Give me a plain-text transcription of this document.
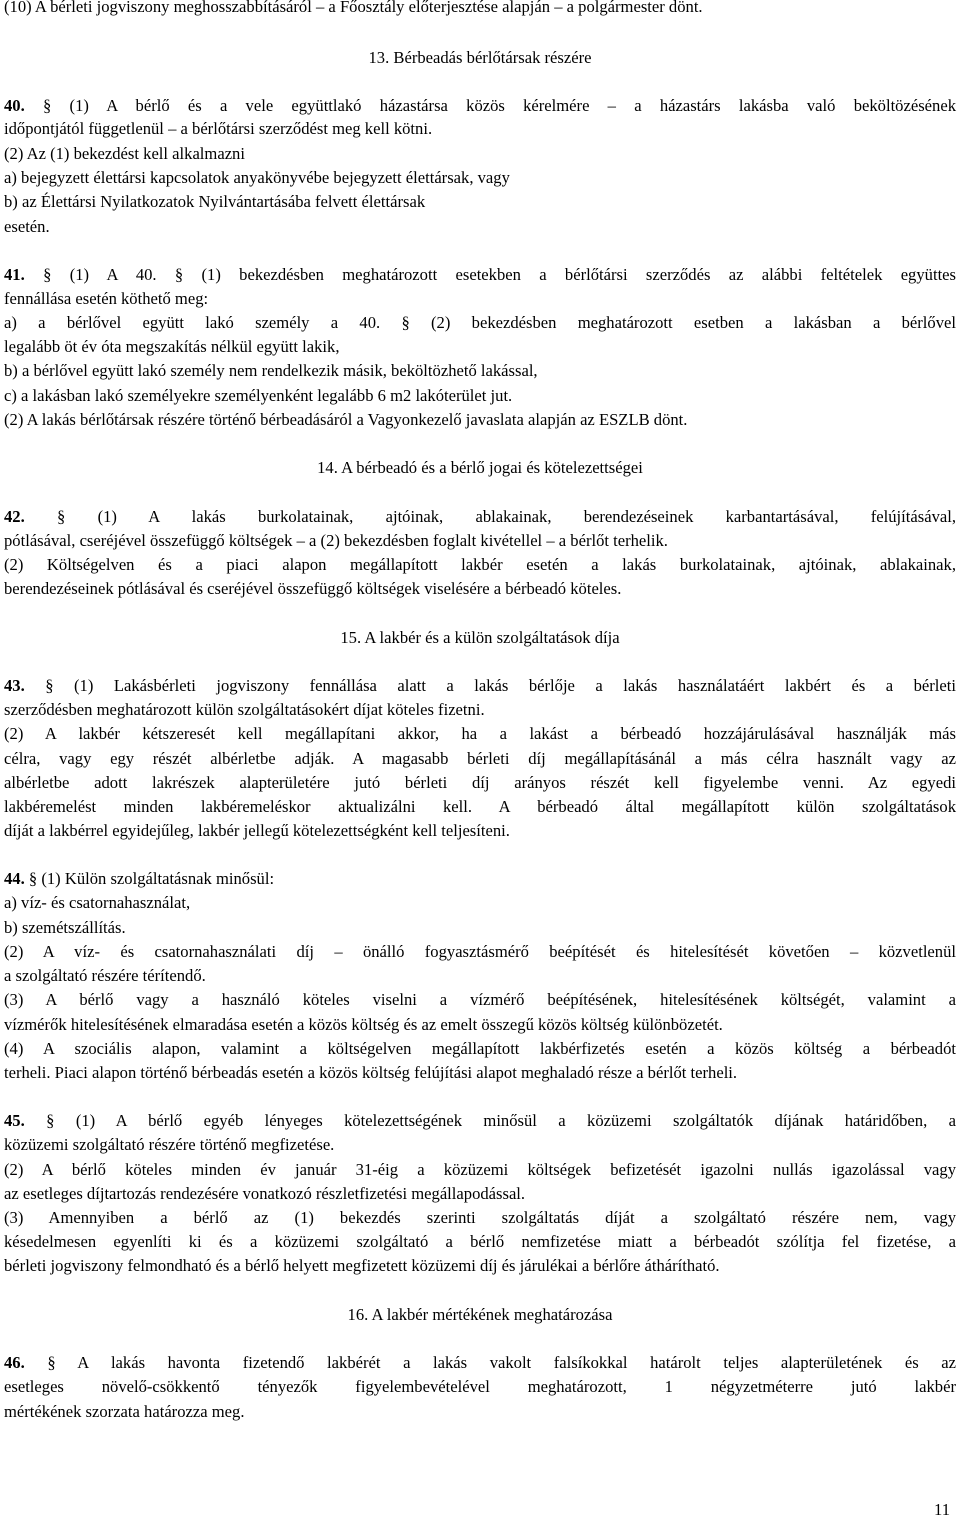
(10) A bérleti jogviszony meghosszabbításáról – a Főosztály előterjesztése alapján – a polgármester dönt.
13. Bérbeadás bérlőtársak részére
40. § (1) A bérlő és a vele együttlakó házastársa közös kérelmére – a házastárs lakásba való beköltözésének
időpontjától függetlenül – a bérlőtársi szerződést meg kell kötni.
(2) Az (1) bekezdést kell alkalmazni
a) bejegyzett élettársi kapcsolatok anyakönyvébe bejegyzett élettársak, vagy
b) az Élettársi Nyilatkozatok Nyilvántartásába felvett élettársak
esetén.
41. § (1) A 40. § (1) bekezdésben meghatározott esetekben a bérlőtársi szerződés az alábbi feltételek együttes
fennállása esetén köthető meg:
a) a bérlővel együtt lakó személy a 40. § (2) bekezdésben meghatározott esetben a lakásban a bérlővel
legalább öt év óta megszakítás nélkül együtt lakik,
b) a bérlővel együtt lakó személy nem rendelkezik másik, beköltözhető lakással,
c) a lakásban lakó személyekre személyenként legalább 6 m2 lakóterület jut.
(2) A lakás bérlőtársak részére történő bérbeadásáról a Vagyonkezelő javaslata alapján az ESZLB dönt.
14. A bérbeadó és a bérlő jogai és kötelezettségei
42. § (1) A lakás burkolatainak, ajtóinak, ablakainak, berendezéseinek karbantartásával, felújításával,
pótlásával, cseréjével összefüggő költségek – a (2) bekezdésben foglalt kivétellel – a bérlőt terhelik.
(2) Költségelven és a piaci alapon megállapított lakbér esetén a lakás burkolatainak, ajtóinak, ablakainak,
berendezéseinek pótlásával és cseréjével összefüggő költségek viselésére a bérbeadó köteles.
15. A lakbér és a külön szolgáltatások díja
43. § (1) Lakásbérleti jogviszony fennállása alatt a lakás bérlője a lakás használatáért lakbért és a bérleti
szerződésben meghatározott külön szolgáltatásokért díjat köteles fizetni.
(2) A lakbér kétszeresét kell megállapítani akkor, ha a lakást a bérbeadó hozzájárulásával használják más
célra, vagy egy részét albérletbe adják. A magasabb bérleti díj megállapításánál a más célra használt vagy az
albérletbe adott lakrészek alapterületére jutó bérleti díj arányos részét kell figyelembe venni. Az egyedi
lakbéremelést minden lakbéremeléskor aktualizálni kell. A bérbeadó által megállapított külön szolgáltatások
díját a lakbérrel egyidejűleg, lakbér jellegű kötelezettségként kell teljesíteni.
44. § (1) Külön szolgáltatásnak minősül:
a) víz- és csatornahasználat,
b) szemétszállítás.
(2) A víz- és csatornahasználati díj – önálló fogyasztásmérő beépítését és hitelesítését követően – közvetlenül
a szolgáltató részére térítendő.
(3) A bérlő vagy a használó köteles viselni a vízmérő beépítésének, hitelesítésének költségét, valamint a
vízmérők hitelesítésének elmaradása esetén a közös költség és az emelt összegű közös költség különbözetét.
(4) A szociális alapon, valamint a költségelven megállapított lakbérfizetés esetén a közös költség a bérbeadót
terheli. Piaci alapon történő bérbeadás esetén a közös költség felújítási alapot meghaladó része a bérlőt terheli.
45. § (1) A bérlő egyéb lényeges kötelezettségének minősül a közüzemi szolgáltatók díjának határidőben, a
közüzemi szolgáltató részére történő megfizetése.
(2) A bérlő köteles minden év január 31-éig a közüzemi költségek befizetését igazolni nullás igazolással vagy
az esetleges díjtartozás rendezésére vonatkozó részletfizetési megállapodással.
(3) Amennyiben a bérlő az (1) bekezdés szerinti szolgáltatás díját a szolgáltató részére nem, vagy
késedelmesen egyenlíti ki és a közüzemi szolgáltató a bérlő nemfizetése miatt a bérbeadót szólítja fel fizetése, a
bérleti jogviszony felmondható és a bérlő helyett megfizetett közüzemi díj és járulékai a bérlőre áthárítható.
16. A lakbér mértékének meghatározása
46. § A lakás havonta fizetendő lakbérét a lakás vakolt falsíkokkal határolt teljes alapterületének és az
esetleges növelő-csökkentő tényezők figyelembevételével meghatározott, 1 négyzetméterre jutó lakbér
mértékének szorzata határozza meg.
11
